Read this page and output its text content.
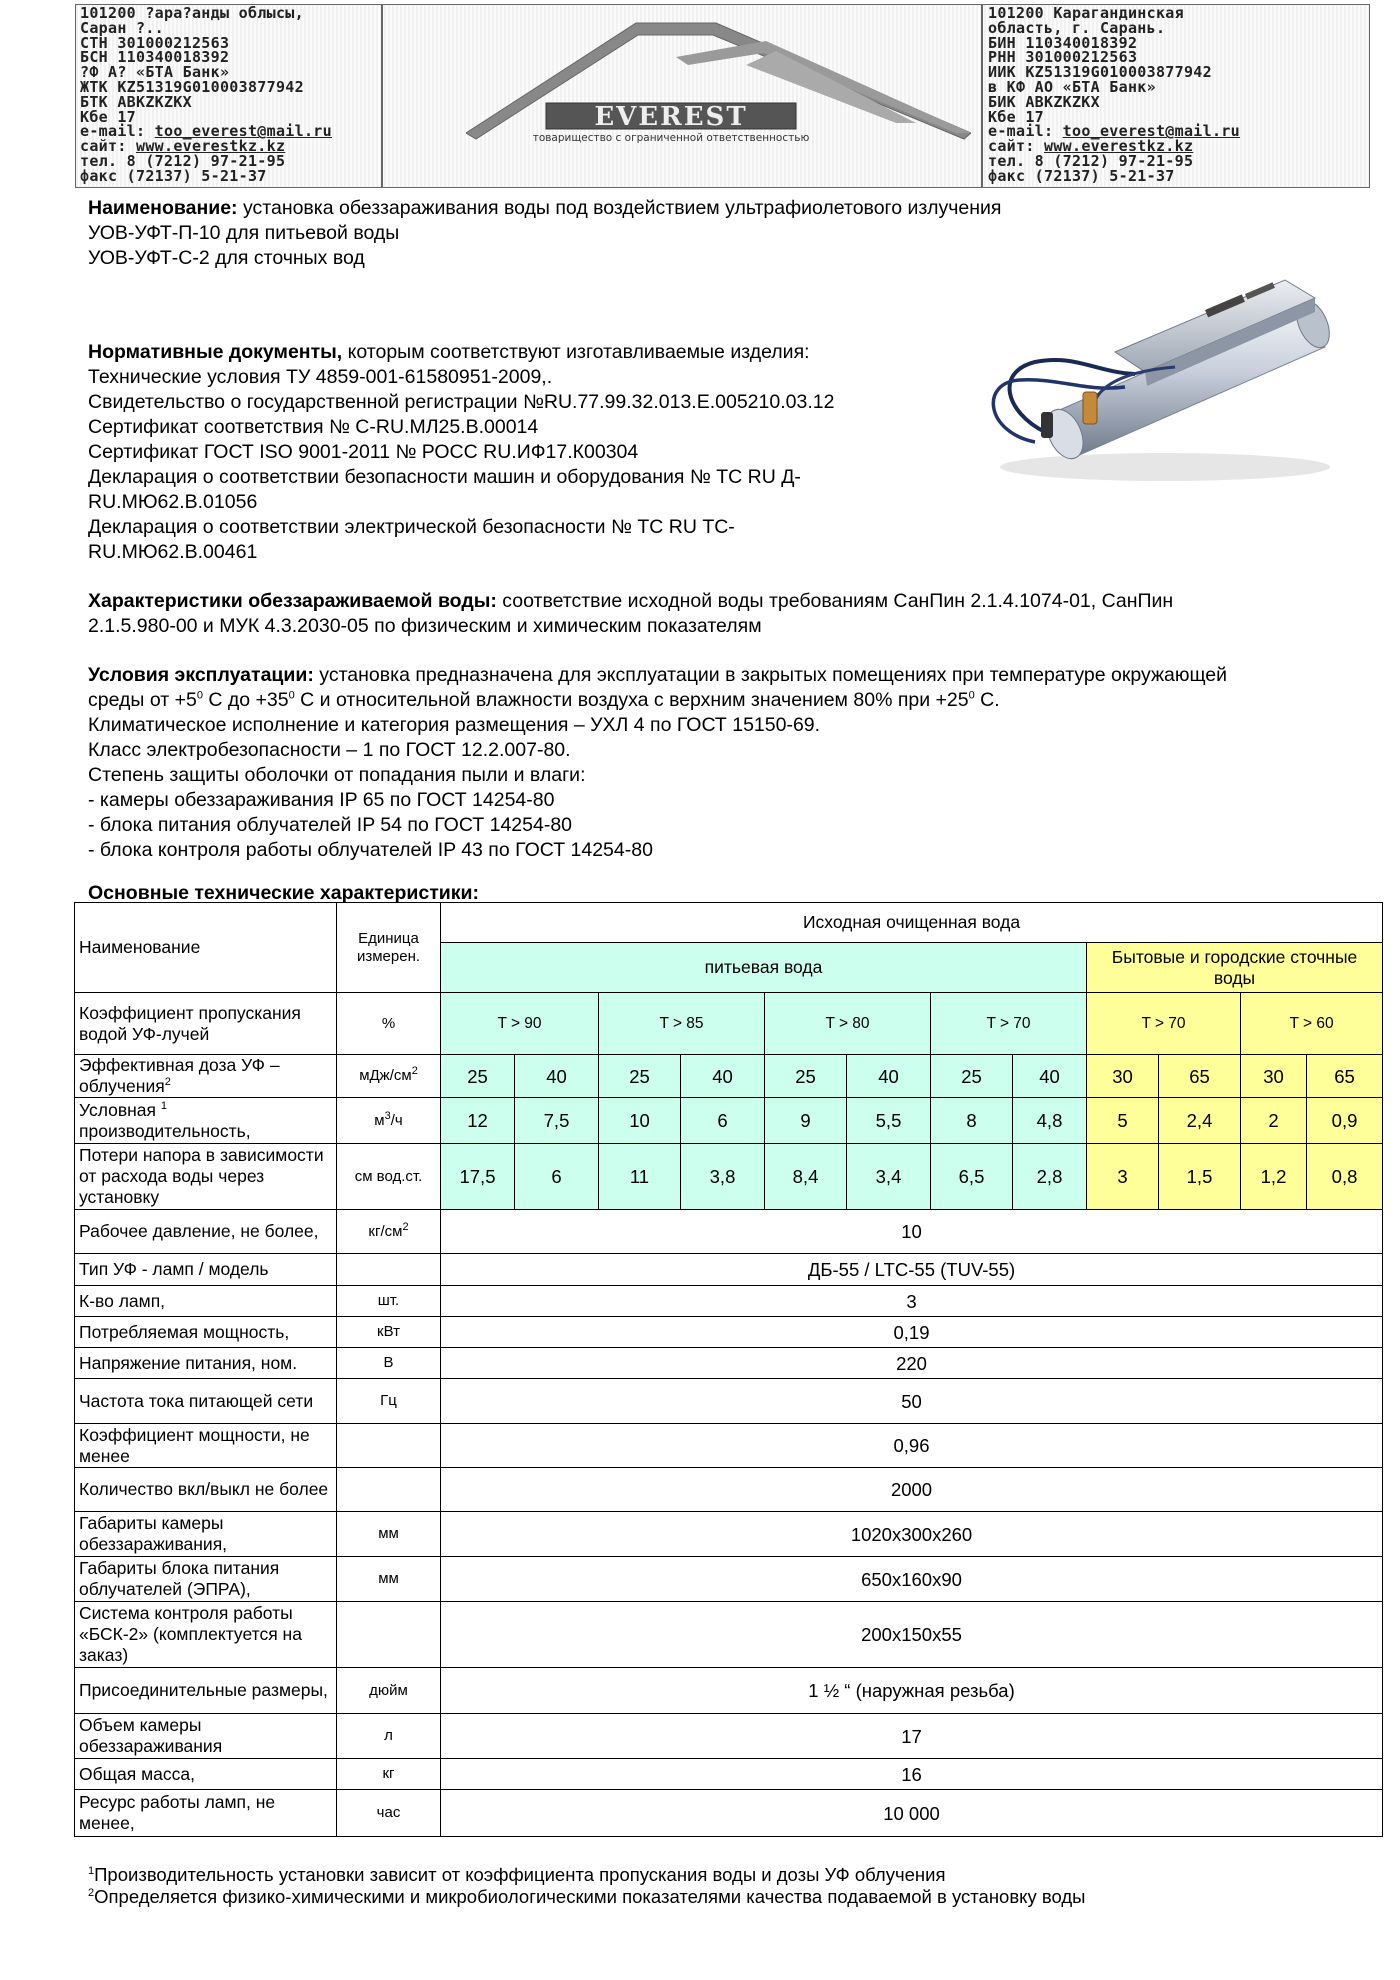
101200 ?ара?анды облысы,
Саран ?..
СТН 301000212563
БСН 110340018392
?Ф А? «БТА Банк»
ЖТК KZ51319G010003877942
БТК ABKZKZKX
Кбе 17
e-mail: too_everest@mail.ru
сайт: www.everestkz.kz
тел. 8 (7212) 97-21-95
факс (72137) 5-21-37
EVEREST
товарищество с ограниченной ответственностью
101200 Карагандинская
область, г. Сарань.
БИН 110340018392
РНН 301000212563
ИИК KZ51319G010003877942
в КФ АО «БТА Банк»
БИК ABKZKZKX
Кбе 17
e-mail: too_everest@mail.ru
сайт: www.everestkz.kz
тел. 8 (7212) 97-21-95
факс (72137) 5-21-37
Наименование: установка обеззараживания воды под воздействием ультрафиолетового излучения
УОВ-УФТ-П-10 для питьевой воды
УОВ-УФТ-С-2 для сточных вод
Нормативные документы, которым соответствуют изготавливаемые изделия:
Технические условия ТУ 4859-001-61580951-2009,.
Свидетельство о государственной регистрации №RU.77.99.32.013.Е.005210.03.12
Сертификат соответствия № C-RU.МЛ25.В.00014
Сертификат ГОСТ ISO 9001-2011 № РОСС RU.ИФ17.К00304
Декларация о соответствии безопасности машин и оборудования № ТС RU Д-
RU.МЮ62.В.01056
Декларация о соответствии электрической безопасности № ТС RU ТС-
RU.МЮ62.В.00461
Характеристики обеззараживаемой воды: соответствие исходной воды требованиям СанПин 2.1.4.1074-01, СанПин
2.1.5.980-00 и МУК 4.3.2030-05 по физическим и химическим показателям
Условия эксплуатации: установка предназначена для эксплуатации в закрытых помещениях при температуре окружающей
среды от $+5^0$ С до $+35^0$ С и относительной влажности воздуха с верхним значением 80% при $+25^0$ С.
Климатическое исполнение и категория размещения – УХЛ 4 по ГОСТ 15150-69.
Класс электробезопасности – 1 по ГОСТ 12.2.007-80.
Степень защиты оболочки от попадания пыли и влаги:
- камеры обеззараживания IP 65 по ГОСТ 14254-80
- блока питания облучателей IP 54 по ГОСТ 14254-80
- блока контроля работы облучателей IP 43 по ГОСТ 14254-80
Основные технические характеристики:
Наименование	Единица измерен.	Исходная очищенная вода											
		питьевая вода								Бытовые и городские сточные воды			
Коэффициент пропускания водой УФ-лучей	%	T > 90		T > 85		T > 80		T > 70		T > 70		T > 60	
Эффективная доза УФ – облучения$^2$	мДж/$см^2$	25	40	25	40	25	40	25	40	30	65	30	65
Условная $^1$
производительность,	$м^3/ч$	12	7,5	10	6	9	5,5	8	4,8	5	2,4	2	0,9
Потери напора в зависимости от расхода воды через установку	см вод.ст.	17,5	6	11	3,8	8,4	3,4	6,5	2,8	3	1,5	1,2	0,8
Рабочее давление, не более,	$кг/см^2$	10											
Тип УФ - ламп / модель		ДБ-55 / LTC-55 (TUV-55)											
К-во ламп,	шт.	3											
Потребляемая мощность,	кВт	0,19											
Напряжение питания, ном.	В	220											
Частота тока питающей сети	Гц	50											
Коэффициент мощности, не менее		0,96											
Количество вкл/выкл не более		2000											
Габариты камеры обеззараживания,	мм	1020x300x260											
Габариты блока питания облучателей (ЭПРА),	мм	650x160x90											
Система контроля работы «БСК-2» (комплектуется на заказ)		200x150x55											
Присоединительные размеры,	дюйм	1 ½ “ (наружная резьба)											
Объем камеры обеззараживания	л	17											
Общая масса,	кг	16											
Ресурс работы ламп, не менее,	час	10 000											
$^1$Производительность установки зависит от коэффициента пропускания воды и дозы УФ облучения
$^2$Определяется физико-химическими и микробиологическими показателями качества подаваемой в установку воды
